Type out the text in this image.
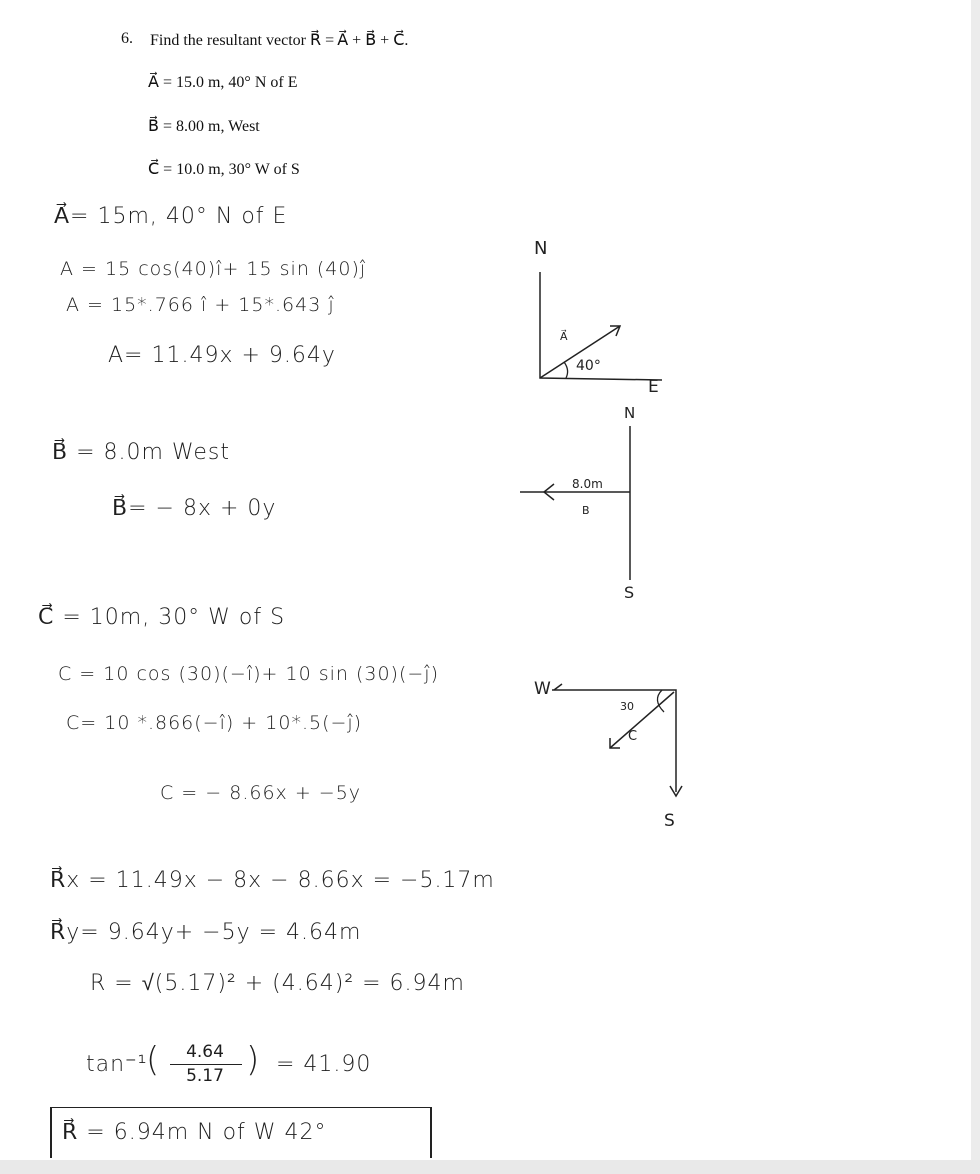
6. Find the resultant vector R⃗ = A⃗ + B⃗ + C⃗.
A⃗ = 15.0 m, 40° N of E
B⃗ = 8.00 m, West
C⃗ = 10.0 m, 30° W of S
A⃗= 15m, 40° N of E
A = 15 cos(40)î+ 15 sin (40)ĵ
A = 15*.766 î + 15*.643 ĵ
A= 11.49x + 9.64y
B⃗ = 8.0m West
B⃗= − 8x + 0y
C⃗ = 10m, 30° W of S
C = 10 cos (30)(−î)+ 10 sin (30)(−ĵ)
C= 10 *.866(−î) + 10*.5(−ĵ)
C = − 8.66x + −5y
R⃗x = 11.49x − 8x − 8.66x = −5.17m
R⃗y= 9.64y+ −5y = 4.64m
R = √(5.17)² + (4.64)² = 6.94m
tan⁻¹
(	4.64
5.17 ) = 41.90
R⃗ = 6.94m N of W 42°
N
E
A⃗
40°
N
S
8.0m
B
W
S
30
C
